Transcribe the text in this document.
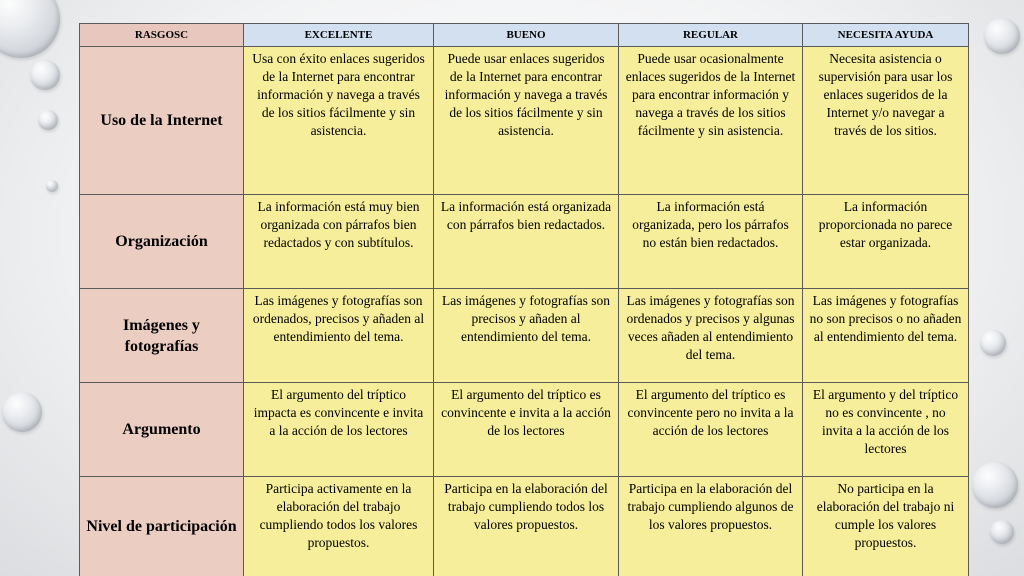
RASGOSC	EXCELENTE	BUENO	REGULAR	NECESITA AYUDA
Uso de la Internet	Usa con éxito enlaces sugeridos de la Internet para encontrar información y navega a través de los sitios fácilmente y sin asistencia.	Puede usar enlaces sugeridos de la Internet para encontrar información y navega a través de los sitios fácilmente y sin asistencia.	Puede usar ocasionalmente enlaces sugeridos de la Internet para encontrar información y navega a través de los sitios fácilmente y sin asistencia.	Necesita asistencia o supervisión para usar los enlaces sugeridos de la Internet y/o navegar a través de los sitios.
Organización	La información está muy bien organizada con párrafos bien redactados y con subtítulos.	La información está organizada con párrafos bien redactados.	La información está organizada, pero los párrafos no están bien redactados.	La información proporcionada no parece estar organizada.
Imágenes y fotografías	Las imágenes y fotografías son ordenados, precisos y añaden al entendimiento del tema.	Las imágenes y fotografías son precisos y añaden al entendimiento del tema.	Las imágenes y fotografías son ordenados y precisos y algunas veces añaden al entendimiento del tema.	Las imágenes y fotografías no son precisos o no añaden al entendimiento del tema.
Argumento	El argumento del tríptico impacta es convincente e invita a la acción de los lectores	El argumento del tríptico es convincente e invita a la acción de los lectores	El argumento del tríptico es convincente pero no invita a la acción de los lectores	El argumento y del tríptico no es convincente , no invita a la acción de los lectores
Nivel de participación	Participa activamente en la elaboración del trabajo cumpliendo todos los valores propuestos.	Participa en la elaboración del trabajo cumpliendo todos los valores propuestos.	Participa en la elaboración del trabajo cumpliendo algunos de los valores propuestos.	No participa en la elaboración del trabajo ni cumple los valores propuestos.
